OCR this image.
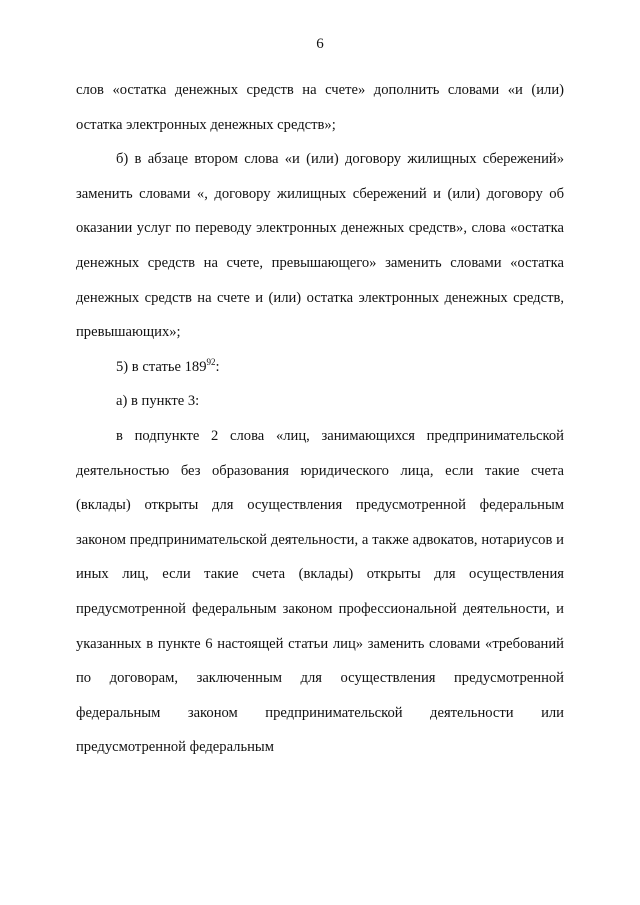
6

слов «остатка денежных средств на счете» дополнить словами «и (или) остатка электронных денежных средств»;

б) в абзаце втором слова «и (или) договору жилищных сбережений» заменить словами «, договору жилищных сбережений и (или) договору об оказании услуг по переводу электронных денежных средств», слова «остатка денежных средств на счете, превышающего» заменить словами «остатка денежных средств на счете и (или) остатка электронных денежных средств, превышающих»;

5) в статье $189^{92}$:

а) в пункте 3:

в подпункте 2 слова «лиц, занимающихся предпринимательской деятельностью без образования юридического лица, если такие счета (вклады) открыты для осуществления предусмотренной федеральным законом предпринимательской деятельности, а также адвокатов, нотариусов и иных лиц, если такие счета (вклады) открыты для осуществления предусмотренной федеральным законом профессиональной деятельности, и указанных в пункте 6 настоящей статьи лиц» заменить словами «требований по договорам, заключенным для осуществления предусмотренной федеральным законом предпринимательской деятельности или предусмотренной федеральным
